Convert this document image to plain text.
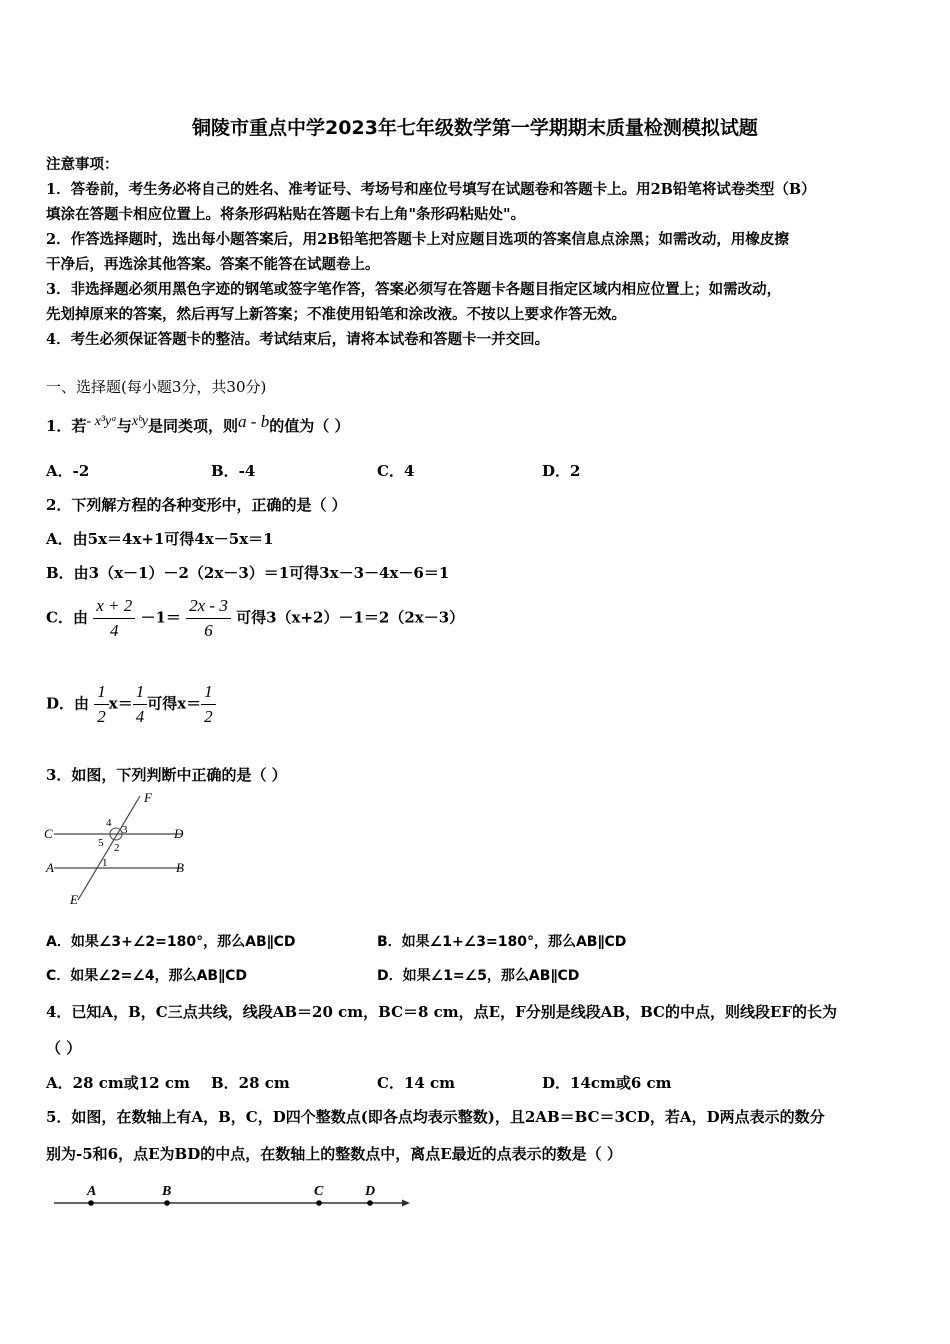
铜陵市重点中学2023年七年级数学第一学期期末质量检测模拟试题
注意事项：
1．答卷前，考生务必将自己的姓名、准考证号、考场号和座位号填写在试题卷和答题卡上。用2B铅笔将试卷类型（B）
填涂在答题卡相应位置上。将条形码粘贴在答题卡右上角"条形码粘贴处"。
2．作答选择题时，选出每小题答案后，用2B铅笔把答题卡上对应题目选项的答案信息点涂黑；如需改动，用橡皮擦
干净后，再选涂其他答案。答案不能答在试题卷上。
3．非选择题必须用黑色字迹的钢笔或签字笔作答，答案必须写在答题卡各题目指定区域内相应位置上；如需改动，
先划掉原来的答案，然后再写上新答案；不准使用铅笔和涂改液。不按以上要求作答无效。
4．考生必须保证答题卡的整洁。考试结束后，请将本试卷和答题卡一并交回。
一、选择题(每小题3分，共30分)
1．若- x³yᵃ与xᵇy是同类项，则a - b的值为（ ）
A．-2	B．-4	C．4	D．2
2．下列解方程的各种变形中，正确的是（ ）
A．由5x＝4x+1可得4x－5x＝1
B．由3（x－1）－2（2x－3）＝1可得3x－3－4x－6＝1
C．由 $\frac{x + 2}{4} -1= \frac{2x - 3}{6}$ 可得3（x+2）－1＝2（2x－3）
D．由 $\frac{1}{2} x= \frac{1}{4}$ 可得$x= \frac{1}{2}$
3．如图，下列判断中正确的是（ ）
F
C	D
A	B
E
1
2
3
4
5
A．如果∠3+∠2=180°，那么AB∥CD	B．如果∠1+∠3=180°，那么AB∥CD
C．如果∠2=∠4，那么AB∥CD	D．如果∠1=∠5，那么AB∥CD
4．已知A，B，C三点共线，线段AB＝20 cm，BC＝8 cm，点E，F分别是线段AB，BC的中点，则线段EF的长为
（ ）
A．28 cm或12 cm B．28 cm	C．14 cm	D．14cm或6 cm
5．如图，在数轴上有A，B，C，D四个整数点(即各点均表示整数)，且2AB＝BC＝3CD，若A，D两点表示的数分
别为-5和6，点E为BD的中点，在数轴上的整数点中，离点E最近的点表示的数是（ ）
A	B	C	D
